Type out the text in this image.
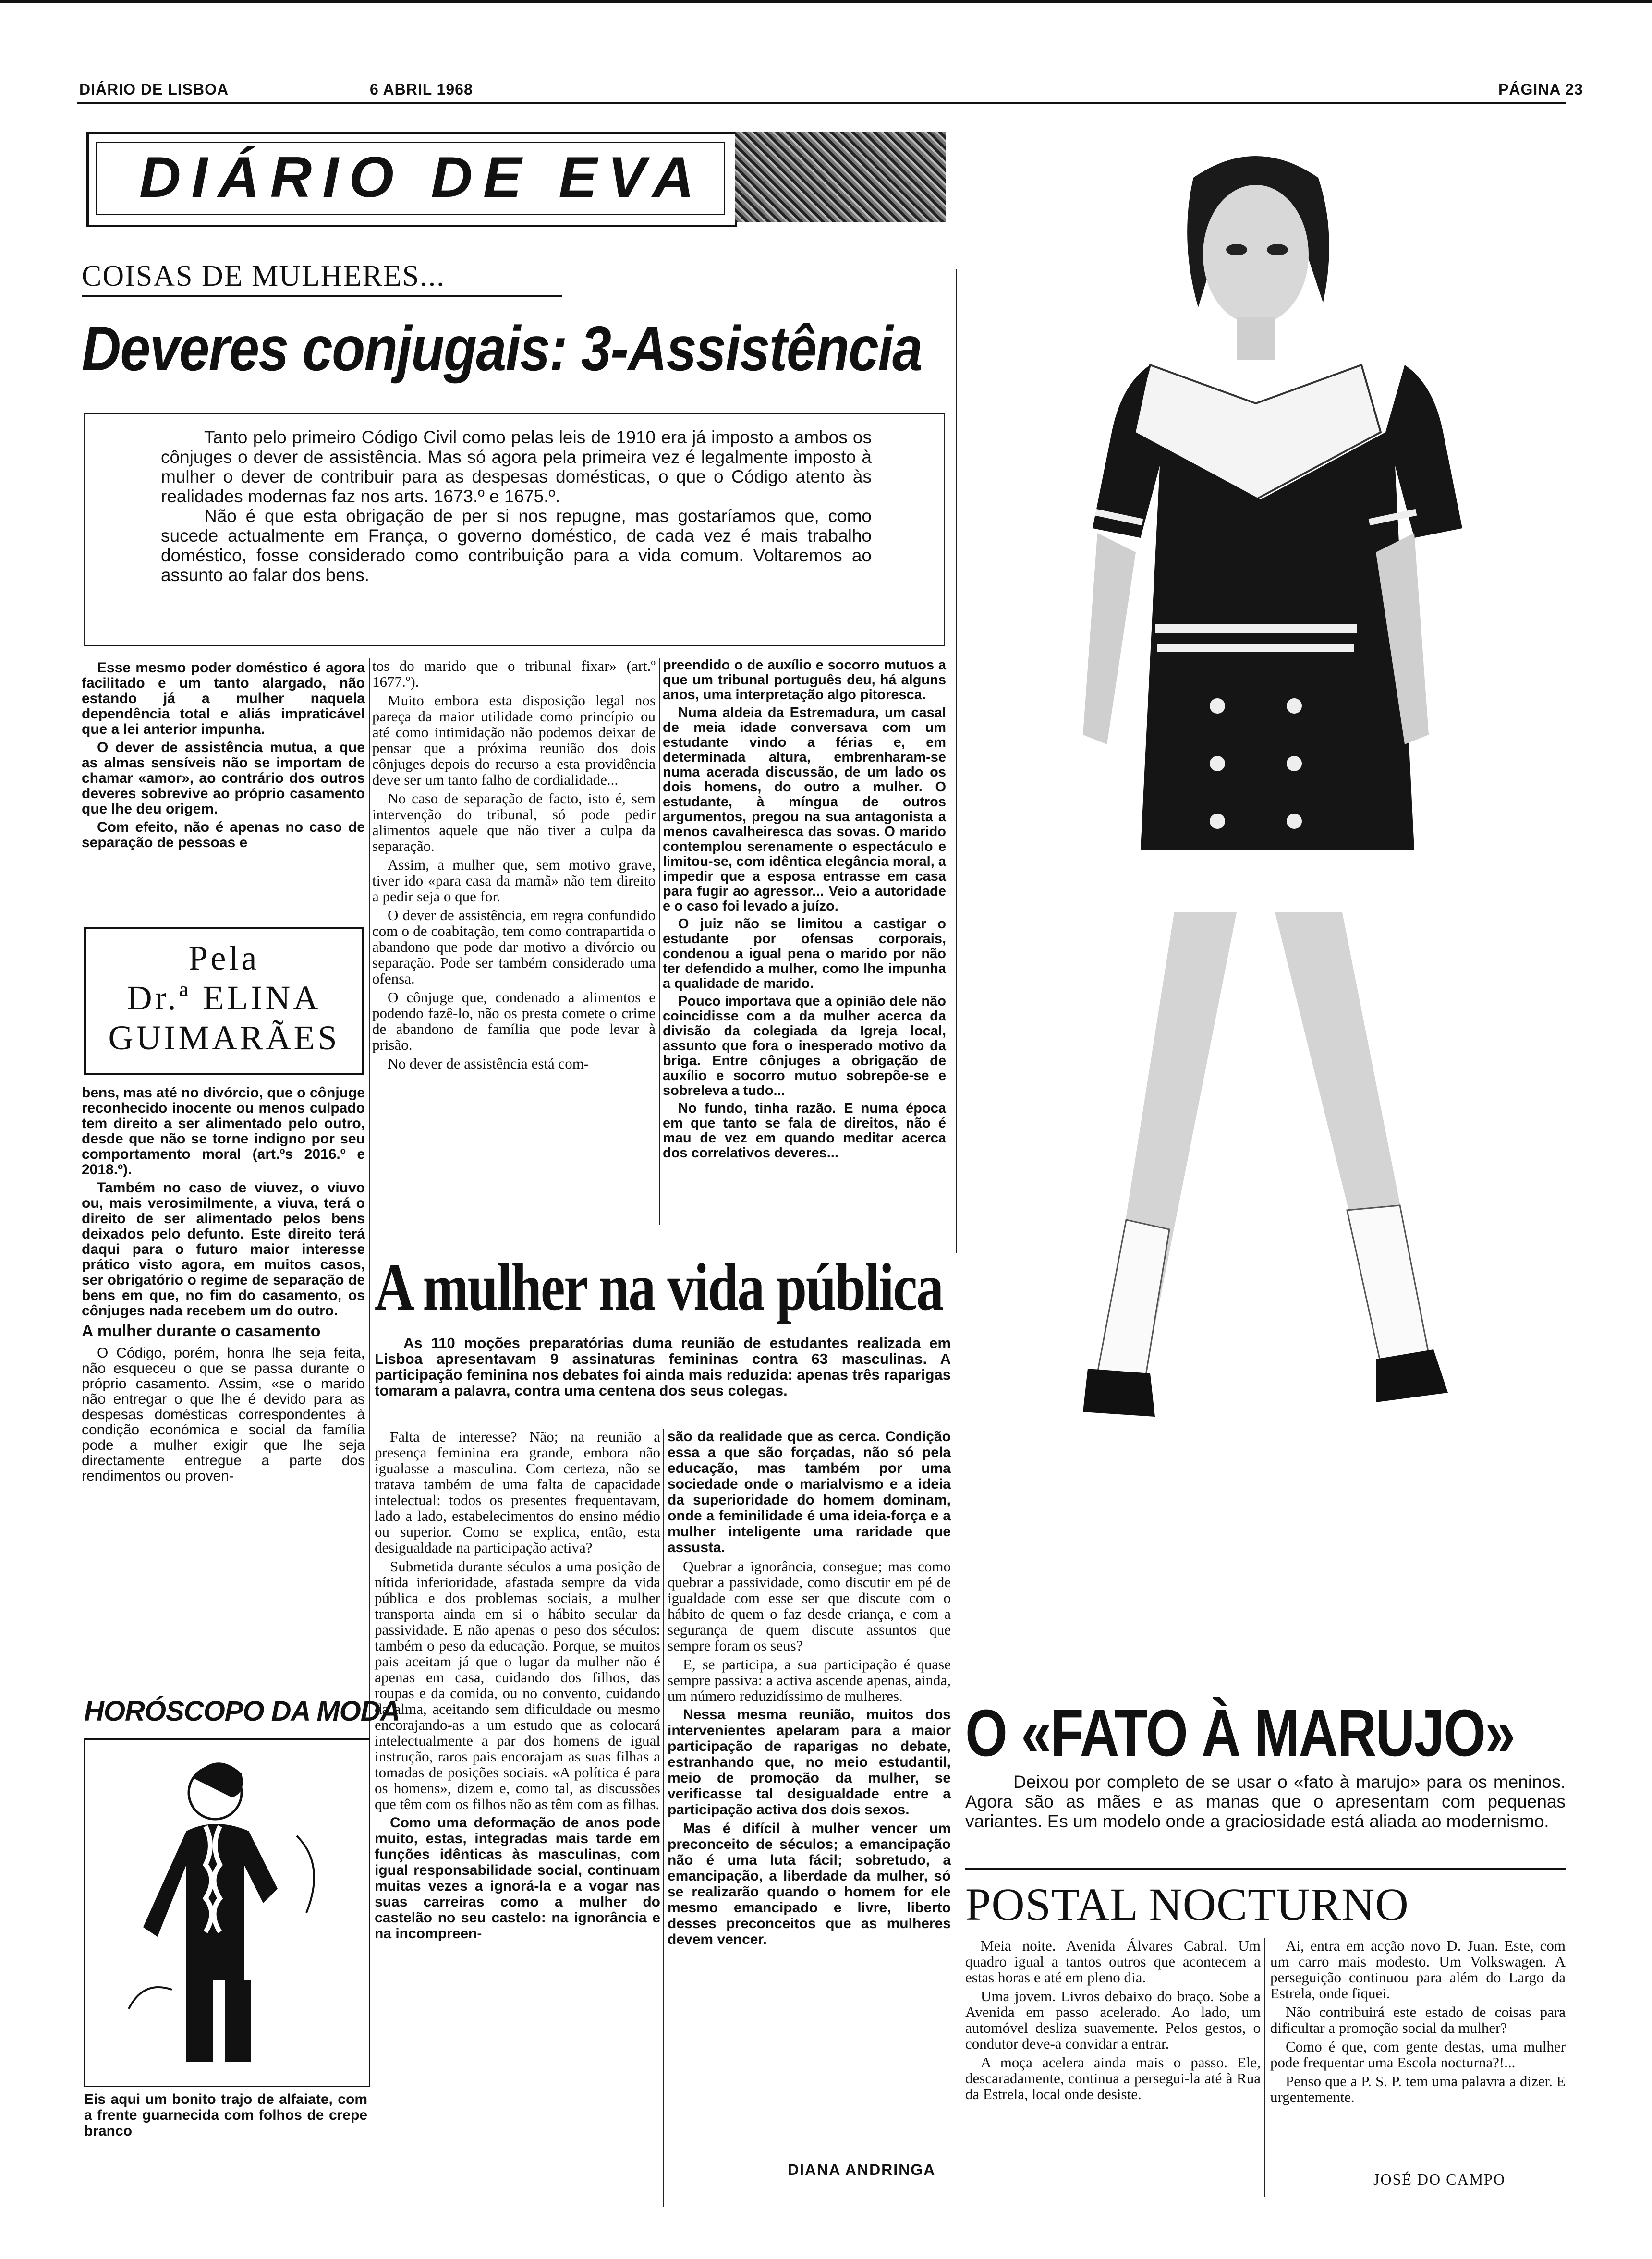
DIÁRIO DE LISBOA	6 ABRIL 1968	PÁGINA 23
DIÁRIO DE EVA
COISAS DE MULHERES...
Deveres conjugais: 3-Assistência

Tanto pelo primeiro Código Civil como pelas leis de 1910 era já imposto a ambos os cônjuges o dever de assistência. Mas só agora pela primeira vez é legalmente imposto à mulher o dever de contribuir para as despesas domésticas, o que o Código atento às realidades modernas faz nos arts. 1673.º e 1675.º.

Não é que esta obrigação de per si nos repugne, mas gostaríamos que, como sucede actualmente em França, o governo doméstico, de cada vez é mais trabalho doméstico, fosse considerado como contribuição para a vida comum. Voltaremos ao assunto ao falar dos bens.

Esse mesmo poder doméstico é agora facilitado e um tanto alargado, não estando já a mulher naquela dependência total e aliás impraticável que a lei anterior impunha.

O dever de assistência mutua, a que as almas sensíveis não se importam de chamar «amor», ao contrário dos outros deveres sobrevive ao próprio casamento que lhe deu origem.

Com efeito, não é apenas no caso de separação de pessoas e

Pela
Dr.ª ELINA
GUIMARÃES

bens, mas até no divórcio, que o cônjuge reconhecido inocente ou menos culpado tem direito a ser alimentado pelo outro, desde que não se torne indigno por seu comportamento moral (art.ºs 2016.º e 2018.º).

Também no caso de viuvez, o viuvo ou, mais verosimilmente, a viuva, terá o direito de ser alimentado pelos bens deixados pelo defunto. Este direito terá daqui para o futuro maior interesse prático visto agora, em muitos casos, ser obrigatório o regime de separação de bens em que, no fim do casamento, os cônjuges nada recebem um do outro.

A mulher durante o casamento

O Código, porém, honra lhe seja feita, não esqueceu o que se passa durante o próprio casamento. Assim, «se o marido não entregar o que lhe é devido para as despesas domésticas correspondentes à condição económica e social da família pode a mulher exigir que lhe seja directamente entregue a parte dos rendimentos ou proven-

tos do marido que o tribunal fixar» (art.º 1677.º).

Muito embora esta disposição legal nos pareça da maior utilidade como princípio ou até como intimidação não podemos deixar de pensar que a próxima reunião dos dois cônjuges depois do recurso a esta providência deve ser um tanto falho de cordialidade...

No caso de separação de facto, isto é, sem intervenção do tribunal, só pode pedir alimentos aquele que não tiver a culpa da separação.

Assim, a mulher que, sem motivo grave, tiver ido «para casa da mamã» não tem direito a pedir seja o que for.

O dever de assistência, em regra confundido com o de coabitação, tem como contrapartida o abandono que pode dar motivo a divórcio ou separação. Pode ser também considerado uma ofensa.

O cônjuge que, condenado a alimentos e podendo fazê-lo, não os presta comete o crime de abandono de família que pode levar à prisão.

No dever de assistência está com-

preendido o de auxílio e socorro mutuos a que um tribunal português deu, há alguns anos, uma interpretação algo pitoresca.

Numa aldeia da Estremadura, um casal de meia idade conversava com um estudante vindo a férias e, em determinada altura, embrenharam-se numa acerada discussão, de um lado os dois homens, do outro a mulher. O estudante, à míngua de outros argumentos, pregou na sua antagonista a menos cavalheiresca das sovas. O marido contemplou serenamente o espectáculo e limitou-se, com idêntica elegância moral, a impedir que a esposa entrasse em casa para fugir ao agressor... Veio a autoridade e o caso foi levado a juízo.

O juiz não se limitou a castigar o estudante por ofensas corporais, condenou a igual pena o marido por não ter defendido a mulher, como lhe impunha a qualidade de marido.

Pouco importava que a opinião dele não coincidisse com a da mulher acerca da divisão da colegiada da Igreja local, assunto que fora o inesperado motivo da briga. Entre cônjuges a obrigação de auxílio e socorro mutuo sobrepõe-se e sobreleva a tudo...

No fundo, tinha razão. E numa época em que tanto se fala de direitos, não é mau de vez em quando meditar acerca dos correlativos deveres...

A mulher na vida pública
As 110 moções preparatórias duma reunião de estudantes realizada em Lisboa apresentavam 9 assinaturas femininas contra 63 masculinas. A participação feminina nos debates foi ainda mais reduzida: apenas três raparigas tomaram a palavra, contra uma centena dos seus colegas.

Falta de interesse? Não; na reunião a presença feminina era grande, embora não igualasse a masculina. Com certeza, não se tratava também de uma falta de capacidade intelectual: todos os presentes frequentavam, lado a lado, estabelecimentos do ensino médio ou superior. Como se explica, então, esta desigualdade na participação activa?

Submetida durante séculos a uma posição de nítida inferioridade, afastada sempre da vida pública e dos problemas sociais, a mulher transporta ainda em si o hábito secular da passividade. E não apenas o peso dos séculos: também o peso da educação. Porque, se muitos pais aceitam já que o lugar da mulher não é apenas em casa, cuidando dos filhos, das roupas e da comida, ou no convento, cuidando da alma, aceitando sem dificuldade ou mesmo encorajando-as a um estudo que as colocará intelectualmente a par dos homens de igual instrução, raros pais encorajam as suas filhas a tomadas de posições sociais. «A política é para os homens», dizem e, como tal, as discussões que têm com os filhos não as têm com as filhas.

Como uma deformação de anos pode muito, estas, integradas mais tarde em funções idênticas às masculinas, com igual responsabilidade social, continuam muitas vezes a ignorá-la e a vogar nas suas carreiras como a mulher do castelão no seu castelo: na ignorância e na incompreen-

são da realidade que as cerca. Condição essa a que são forçadas, não só pela educação, mas também por uma sociedade onde o marialvismo e a ideia da superioridade do homem dominam, onde a feminilidade é uma ideia-força e a mulher inteligente uma raridade que assusta.

Quebrar a ignorância, consegue; mas como quebrar a passividade, como discutir em pé de igualdade com esse ser que discute com o hábito de quem o faz desde criança, e com a segurança de quem discute assuntos que sempre foram os seus?

E, se participa, a sua participação é quase sempre passiva: a activa ascende apenas, ainda, um número reduzidíssimo de mulheres.

Nessa mesma reunião, muitos dos intervenientes apelaram para a maior participação de raparigas no debate, estranhando que, no meio estudantil, meio de promoção da mulher, se verificasse tal desigualdade entre a participação activa dos dois sexos.

Mas é difícil à mulher vencer um preconceito de séculos; a emancipação não é uma luta fácil; sobretudo, a emancipação, a liberdade da mulher, só se realizarão quando o homem for ele mesmo emancipado e livre, liberto desses preconceitos que as mulheres devem vencer.

DIANA ANDRINGA
HORÓSCOPO DA MODA
Eis aqui um bonito trajo de alfaiate, com a frente guarnecida com folhos de crepe branco
O «FATO À MARUJO»
Deixou por completo de se usar o «fato à marujo» para os meninos. Agora são as mães e as manas que o apresentam com pequenas variantes. Es um modelo onde a graciosidade está aliada ao modernismo.
POSTAL NOCTURNO

Meia noite. Avenida Álvares Cabral. Um quadro igual a tantos outros que acontecem a estas horas e até em pleno dia.

Uma jovem. Livros debaixo do braço. Sobe a Avenida em passo acelerado. Ao lado, um automóvel desliza suavemente. Pelos gestos, o condutor deve-a convidar a entrar.

A moça acelera ainda mais o passo. Ele, descaradamente, continua a persegui-la até à Rua da Estrela, local onde desiste.

Ai, entra em acção novo D. Juan. Este, com um carro mais modesto. Um Volkswagen. A perseguição continuou para além do Largo da Estrela, onde fiquei.

Não contribuirá este estado de coisas para dificultar a promoção social da mulher?

Como é que, com gente destas, uma mulher pode frequentar uma Escola nocturna?!...

Penso que a P. S. P. tem uma palavra a dizer. E urgentemente.

JOSÉ DO CAMPO
